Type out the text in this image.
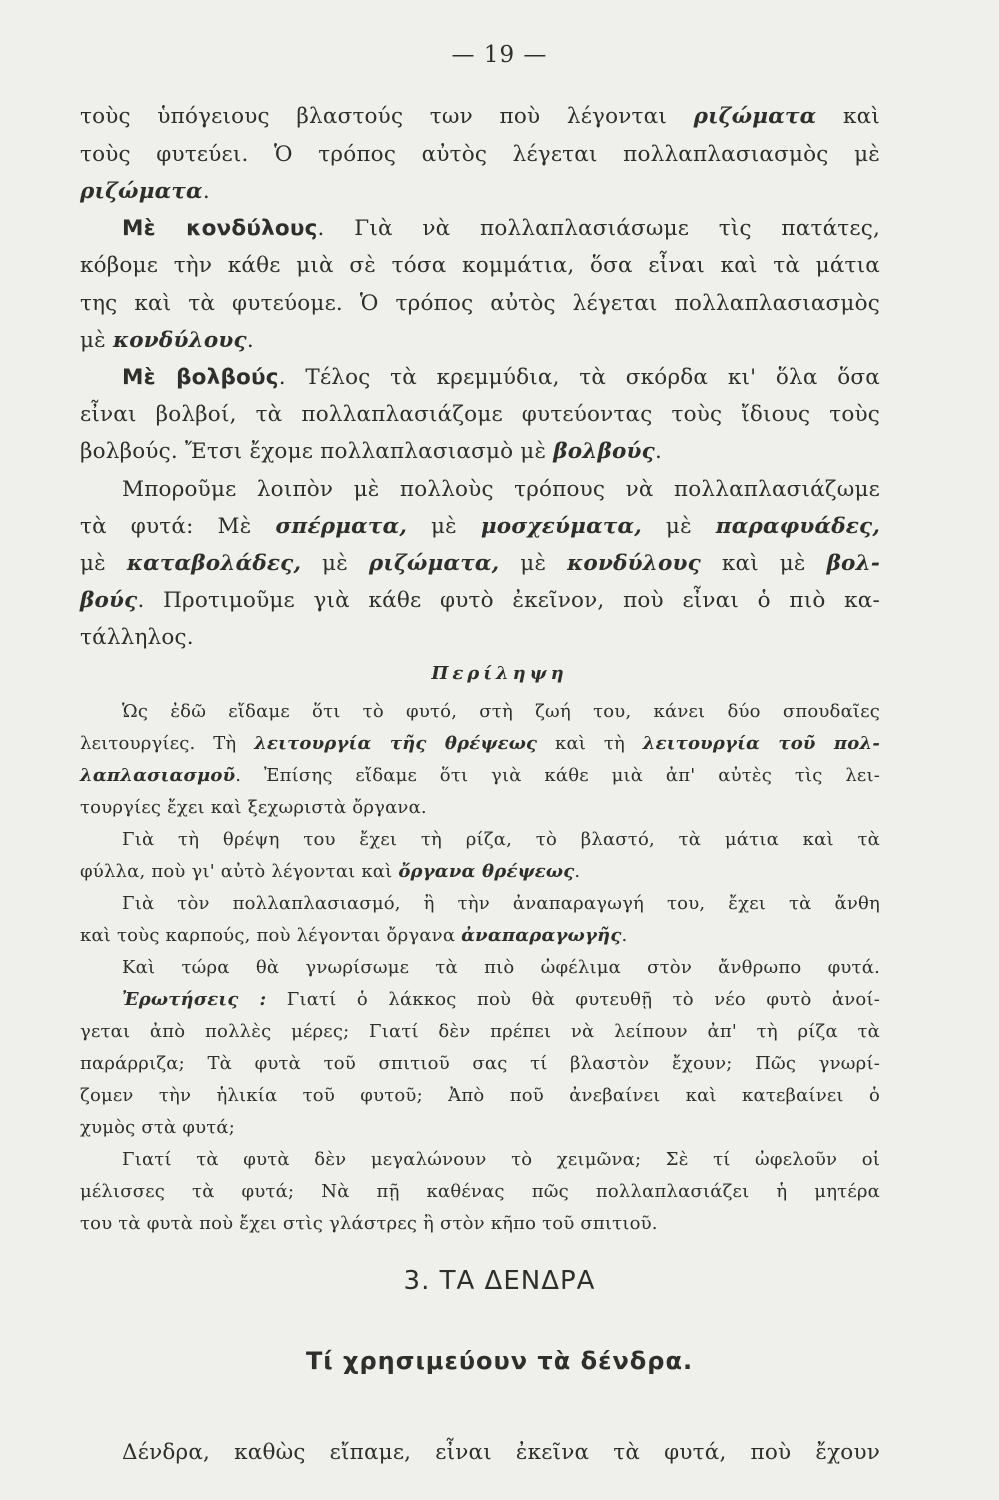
— 19 —

τοὺς ὑπόγειους βλαστούς των ποὺ λέγονται ριζώματα καὶ

τοὺς φυτεύει. Ὁ τρόπος αὐτὸς λέγεται πολλαπλασιασμὸς μὲ

ριζώματα.

Μὲ κονδύλους. Γιὰ νὰ πολλαπλασιάσωμε τὶς πατάτες,

κόβομε τὴν κάθε μιὰ σὲ τόσα κομμάτια, ὅσα εἶναι καὶ τὰ μάτια

της καὶ τὰ φυτεύομε. Ὁ τρόπος αὐτὸς λέγεται πολλαπλασιασμὸς

μὲ κονδύλους.

Μὲ βολβούς. Τέλος τὰ κρεμμύδια, τὰ σκόρδα κι' ὅλα ὅσα

εἶναι βολβοί, τὰ πολλαπλασιάζομε φυτεύοντας τοὺς ἴδιους τοὺς

βολβούς. Ἔτσι ἔχομε πολλαπλασιασμὸ μὲ βολβούς.

Μποροῦμε λοιπὸν μὲ πολλοὺς τρόπους νὰ πολλαπλασιάζωμε

τὰ φυτά: Μὲ σπέρματα, μὲ μοσχεύματα, μὲ παραφυάδες,

μὲ καταβολάδες, μὲ ριζώματα, μὲ κονδύλους καὶ μὲ βολ-

βούς. Προτιμοῦμε γιὰ κάθε φυτὸ ἐκεῖνον, ποὺ εἶναι ὁ πιὸ κα-

τάλληλος.

Περίληψη

Ὡς ἐδῶ εἴδαμε ὅτι τὸ φυτό, στὴ ζωή του, κάνει δύο σπουδαῖες

λειτουργίες. Τὴ λειτουργία τῆς θρέψεως καὶ τὴ λειτουργία τοῦ πολ-

λαπλασιασμοῦ. Ἐπίσης εἴδαμε ὅτι γιὰ κάθε μιὰ ἀπ' αὐτὲς τὶς λει-

τουργίες ἔχει καὶ ξεχωριστὰ ὄργανα.

Γιὰ τὴ θρέψη του ἔχει τὴ ρίζα, τὸ βλαστό, τὰ μάτια καὶ τὰ

φύλλα, ποὺ γι' αὐτὸ λέγονται καὶ ὄργανα θρέψεως.

Γιὰ τὸν πολλαπλασιασμό, ἢ τὴν ἀναπαραγωγή του, ἔχει τὰ ἄνθη

καὶ τοὺς καρπούς, ποὺ λέγονται ὄργανα ἀναπαραγωγῆς.

Καὶ τώρα θὰ γνωρίσωμε τὰ πιὸ ὠφέλιμα στὸν ἄνθρωπο φυτά.

Ἐρωτήσεις : Γιατί ὁ λάκκος ποὺ θὰ φυτευθῇ τὸ νέο φυτὸ ἀνοί-

γεται ἀπὸ πολλὲς μέρες; Γιατί δὲν πρέπει νὰ λείπουν ἀπ' τὴ ρίζα τὰ

παράρριζα; Τὰ φυτὰ τοῦ σπιτιοῦ σας τί βλαστὸν ἔχουν; Πῶς γνωρί-

ζομεν τὴν ἡλικία τοῦ φυτοῦ; Ἀπὸ ποῦ ἀνεβαίνει καὶ κατεβαίνει ὁ

χυμὸς στὰ φυτά;

Γιατί τὰ φυτὰ δὲν μεγαλώνουν τὸ χειμῶνα; Σὲ τί ὠφελοῦν οἱ

μέλισσες τὰ φυτά; Νὰ πῇ καθένας πῶς πολλαπλασιάζει ἡ μητέρα

του τὰ φυτὰ ποὺ ἔχει στὶς γλάστρες ἢ στὸν κῆπο τοῦ σπιτιοῦ.

3. ΤΑ ΔΕΝΔΡΑ
Τί χρησιμεύουν τὰ δένδρα.
Δένδρα, καθὼς εἴπαμε, εἶναι ἐκεῖνα τὰ φυτά, ποὺ ἔχουν
